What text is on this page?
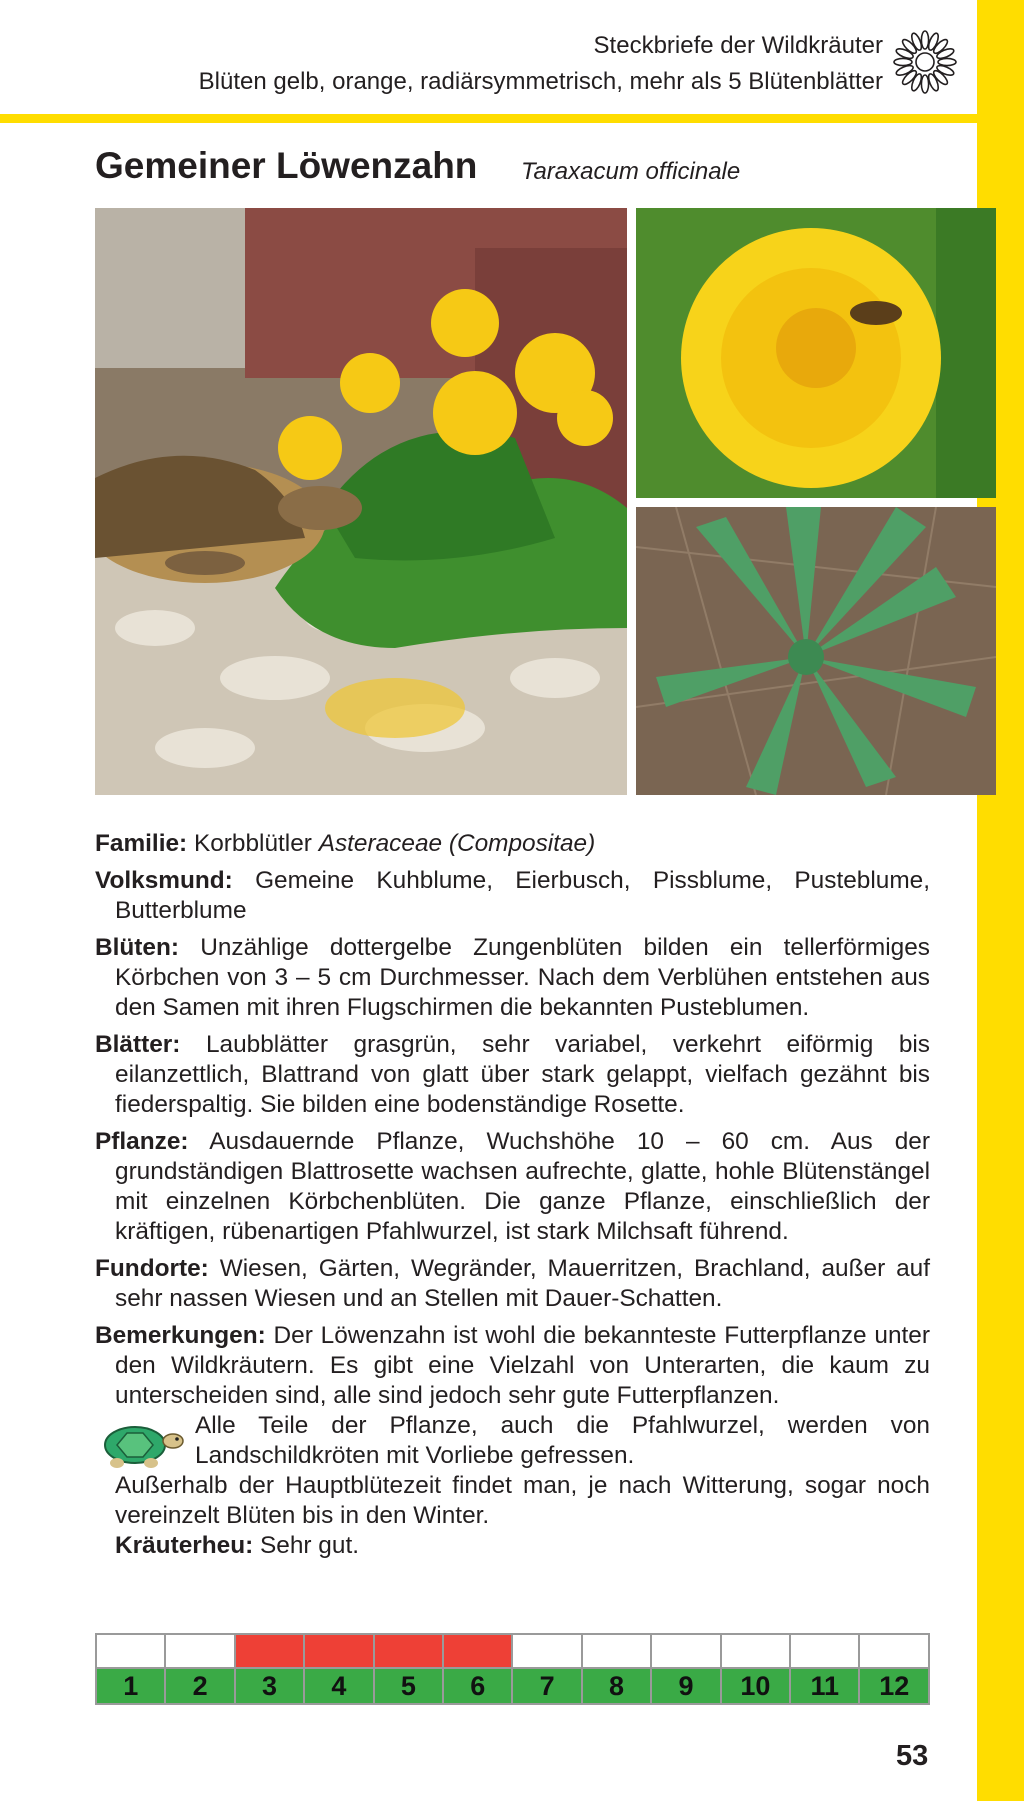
Steckbriefe der Wildkräuter
Blüten gelb, orange, radiärsymmetrisch, mehr als 5 Blütenblätter
Gemeiner Löwenzahn Taraxacum officinale
Familie: Korbblütler Asteraceae (Compositae)
Volksmund: Gemeine Kuhblume, Eierbusch, Pissblume, Pusteblume, Butterblume
Blüten: Unzählige dottergelbe Zungenblüten bilden ein tellerförmiges Körbchen von 3 – 5 cm Durchmesser. Nach dem Verblühen entstehen aus den Samen mit ihren Flugschirmen die bekannten Pusteblumen.
Blätter: Laubblätter grasgrün, sehr variabel, verkehrt eiförmig bis eilanzettlich, Blattrand von glatt über stark gelappt, vielfach gezähnt bis fiederspaltig. Sie bilden eine bodenständige Rosette.
Pflanze: Ausdauernde Pflanze, Wuchshöhe 10 – 60 cm. Aus der grundständigen Blattrosette wachsen aufrechte, glatte, hohle Blütenstängel mit einzelnen Körbchenblüten. Die ganze Pflanze, einschließlich der kräftigen, rübenartigen Pfahlwurzel, ist stark Milchsaft führend.
Fundorte: Wiesen, Gärten, Wegränder, Mauerritzen, Brachland, außer auf sehr nassen Wiesen und an Stellen mit Dauer-Schatten.
Bemerkungen: Der Löwenzahn ist wohl die bekannteste Futterpflanze unter den Wildkräutern. Es gibt eine Vielzahl von Unterarten, die kaum zu unterscheiden sind, alle sind jedoch sehr gute Futterpflanzen.
Alle Teile der Pflanze, auch die Pfahlwurzel, werden von Landschildkröten mit Vorliebe gefressen.
Außerhalb der Hauptblütezeit findet man, je nach Witterung, sogar noch vereinzelt Blüten bis in den Winter.
Kräuterheu: Sehr gut.

1	2	3	4	5	6	7	8	9	10	11	12
53
